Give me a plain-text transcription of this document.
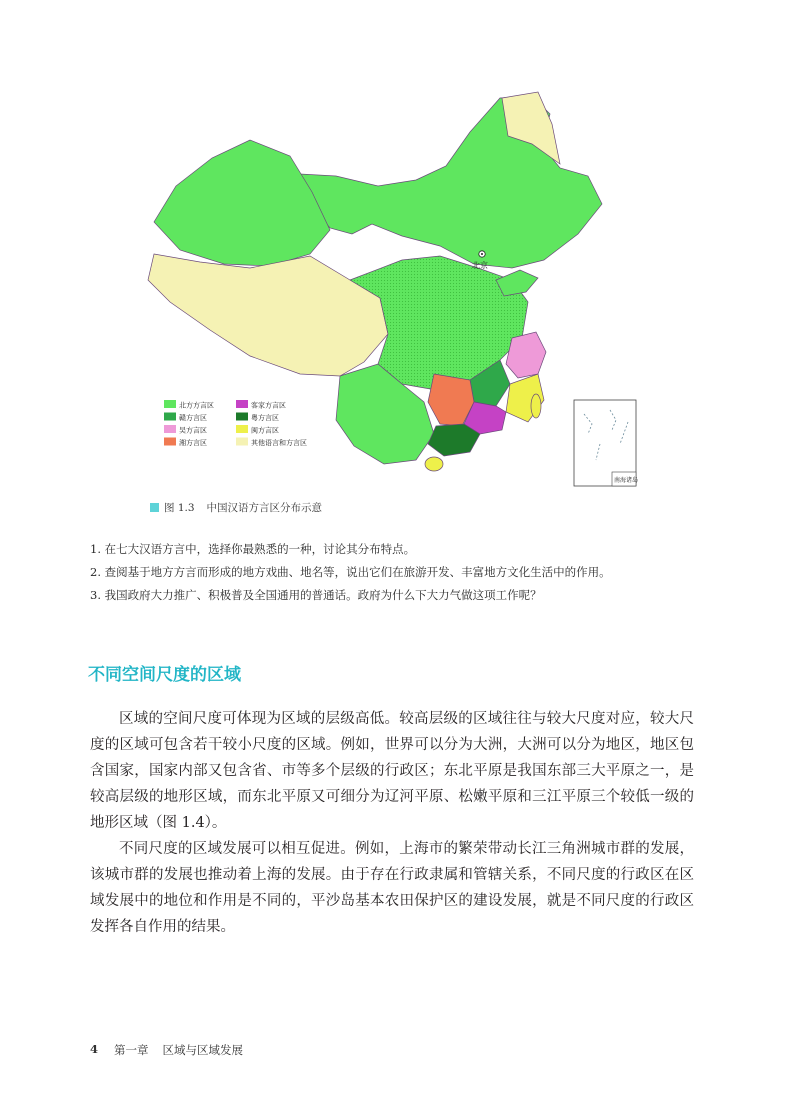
北京
北方方言区	客家方言区
赣方言区	粤方言区
吴方言区	闽方言区
湘方言区	其他语言和方言区
南海诸岛
图 1.3 中国汉语方言区分布示意
1. 在七大汉语方言中，选择你最熟悉的一种，讨论其分布特点。
2. 查阅基于地方方言而形成的地方戏曲、地名等，说出它们在旅游开发、丰富地方文化生活中的作用。
3. 我国政府大力推广、积极普及全国通用的普通话。政府为什么下大力气做这项工作呢？
不同空间尺度的区域

区域的空间尺度可体现为区域的层级高低。较高层级的区域往往与较大尺度对应，较大尺度的区域可包含若干较小尺度的区域。例如，世界可以分为大洲，大洲可以分为地区，地区包含国家，国家内部又包含省、市等多个层级的行政区；东北平原是我国东部三大平原之一，是较高层级的地形区域，而东北平原又可细分为辽河平原、松嫩平原和三江平原三个较低一级的地形区域（图 1.4）。

不同尺度的区域发展可以相互促进。例如，上海市的繁荣带动长江三角洲城市群的发展，该城市群的发展也推动着上海的发展。由于存在行政隶属和管辖关系，不同尺度的行政区在区域发展中的地位和作用是不同的，平沙岛基本农田保护区的建设发展，就是不同尺度的行政区发挥各自作用的结果。

4 第一章 区域与区域发展
